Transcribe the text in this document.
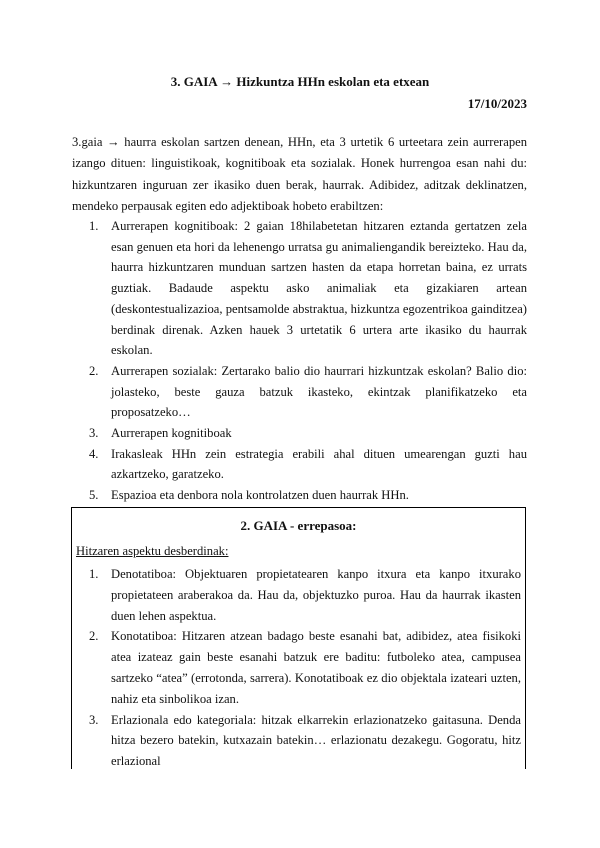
3. GAIA → Hizkuntza HHn eskolan eta etxean
17/10/2023

3.gaia → haurra eskolan sartzen denean, HHn, eta 3 urtetik 6 urteetara zein aurrerapen izango dituen: linguistikoak, kognitiboak eta sozialak. Honek hurrengoa esan nahi du: hizkuntzaren inguruan zer ikasiko duen berak, haurrak. Adibidez, aditzak deklinatzen, mendeko perpausak egiten edo adjektiboak hobeto erabiltzen:

1. Aurrerapen kognitiboak: 2 gaian 18hilabetetan hitzaren eztanda gertatzen zela esan genuen eta hori da lehenengo urratsa gu animaliengandik bereizteko. Hau da, haurra hizkuntzaren munduan sartzen hasten da etapa horretan baina, ez urrats guztiak. Badaude aspektu asko animaliak eta gizakiaren artean (deskontestualizazioa, pentsamolde abstraktua, hizkuntza egozentrikoa gainditzea) berdinak direnak. Azken hauek 3 urtetatik 6 urtera arte ikasiko du haurrak eskolan.
2. Aurrerapen sozialak: Zertarako balio dio haurrari hizkuntzak eskolan? Balio dio: jolasteko, beste gauza batzuk ikasteko, ekintzak planifikatzeko eta proposatzeko…
3. Aurrerapen kognitiboak
4. Irakasleak HHn zein estrategia erabili ahal dituen umearengan guzti hau azkartzeko, garatzeko.
5. Espazioa eta denbora nola kontrolatzen duen haurrak HHn.
2. GAIA - errepasoa:
Hitzaren aspektu desberdinak:
1. Denotatiboa: Objektuaren propietatearen kanpo itxura eta kanpo itxurako propietateen araberakoa da. Hau da, objektuzko puroa. Hau da haurrak ikasten duen lehen aspektua.
2. Konotatiboa: Hitzaren atzean badago beste esanahi bat, adibidez, atea fisikoki atea izateaz gain beste esanahi batzuk ere baditu: futboleko atea, campusea sartzeko “atea” (errotonda, sarrera). Konotatiboak ez dio objektala izateari uzten, nahiz eta sinbolikoa izan.
3. Erlazionala edo kategoriala: hitzak elkarrekin erlazionatzeko gaitasuna. Denda hitza bezero batekin, kutxazain batekin… erlazionatu dezakegu. Gogoratu, hitz erlazional
